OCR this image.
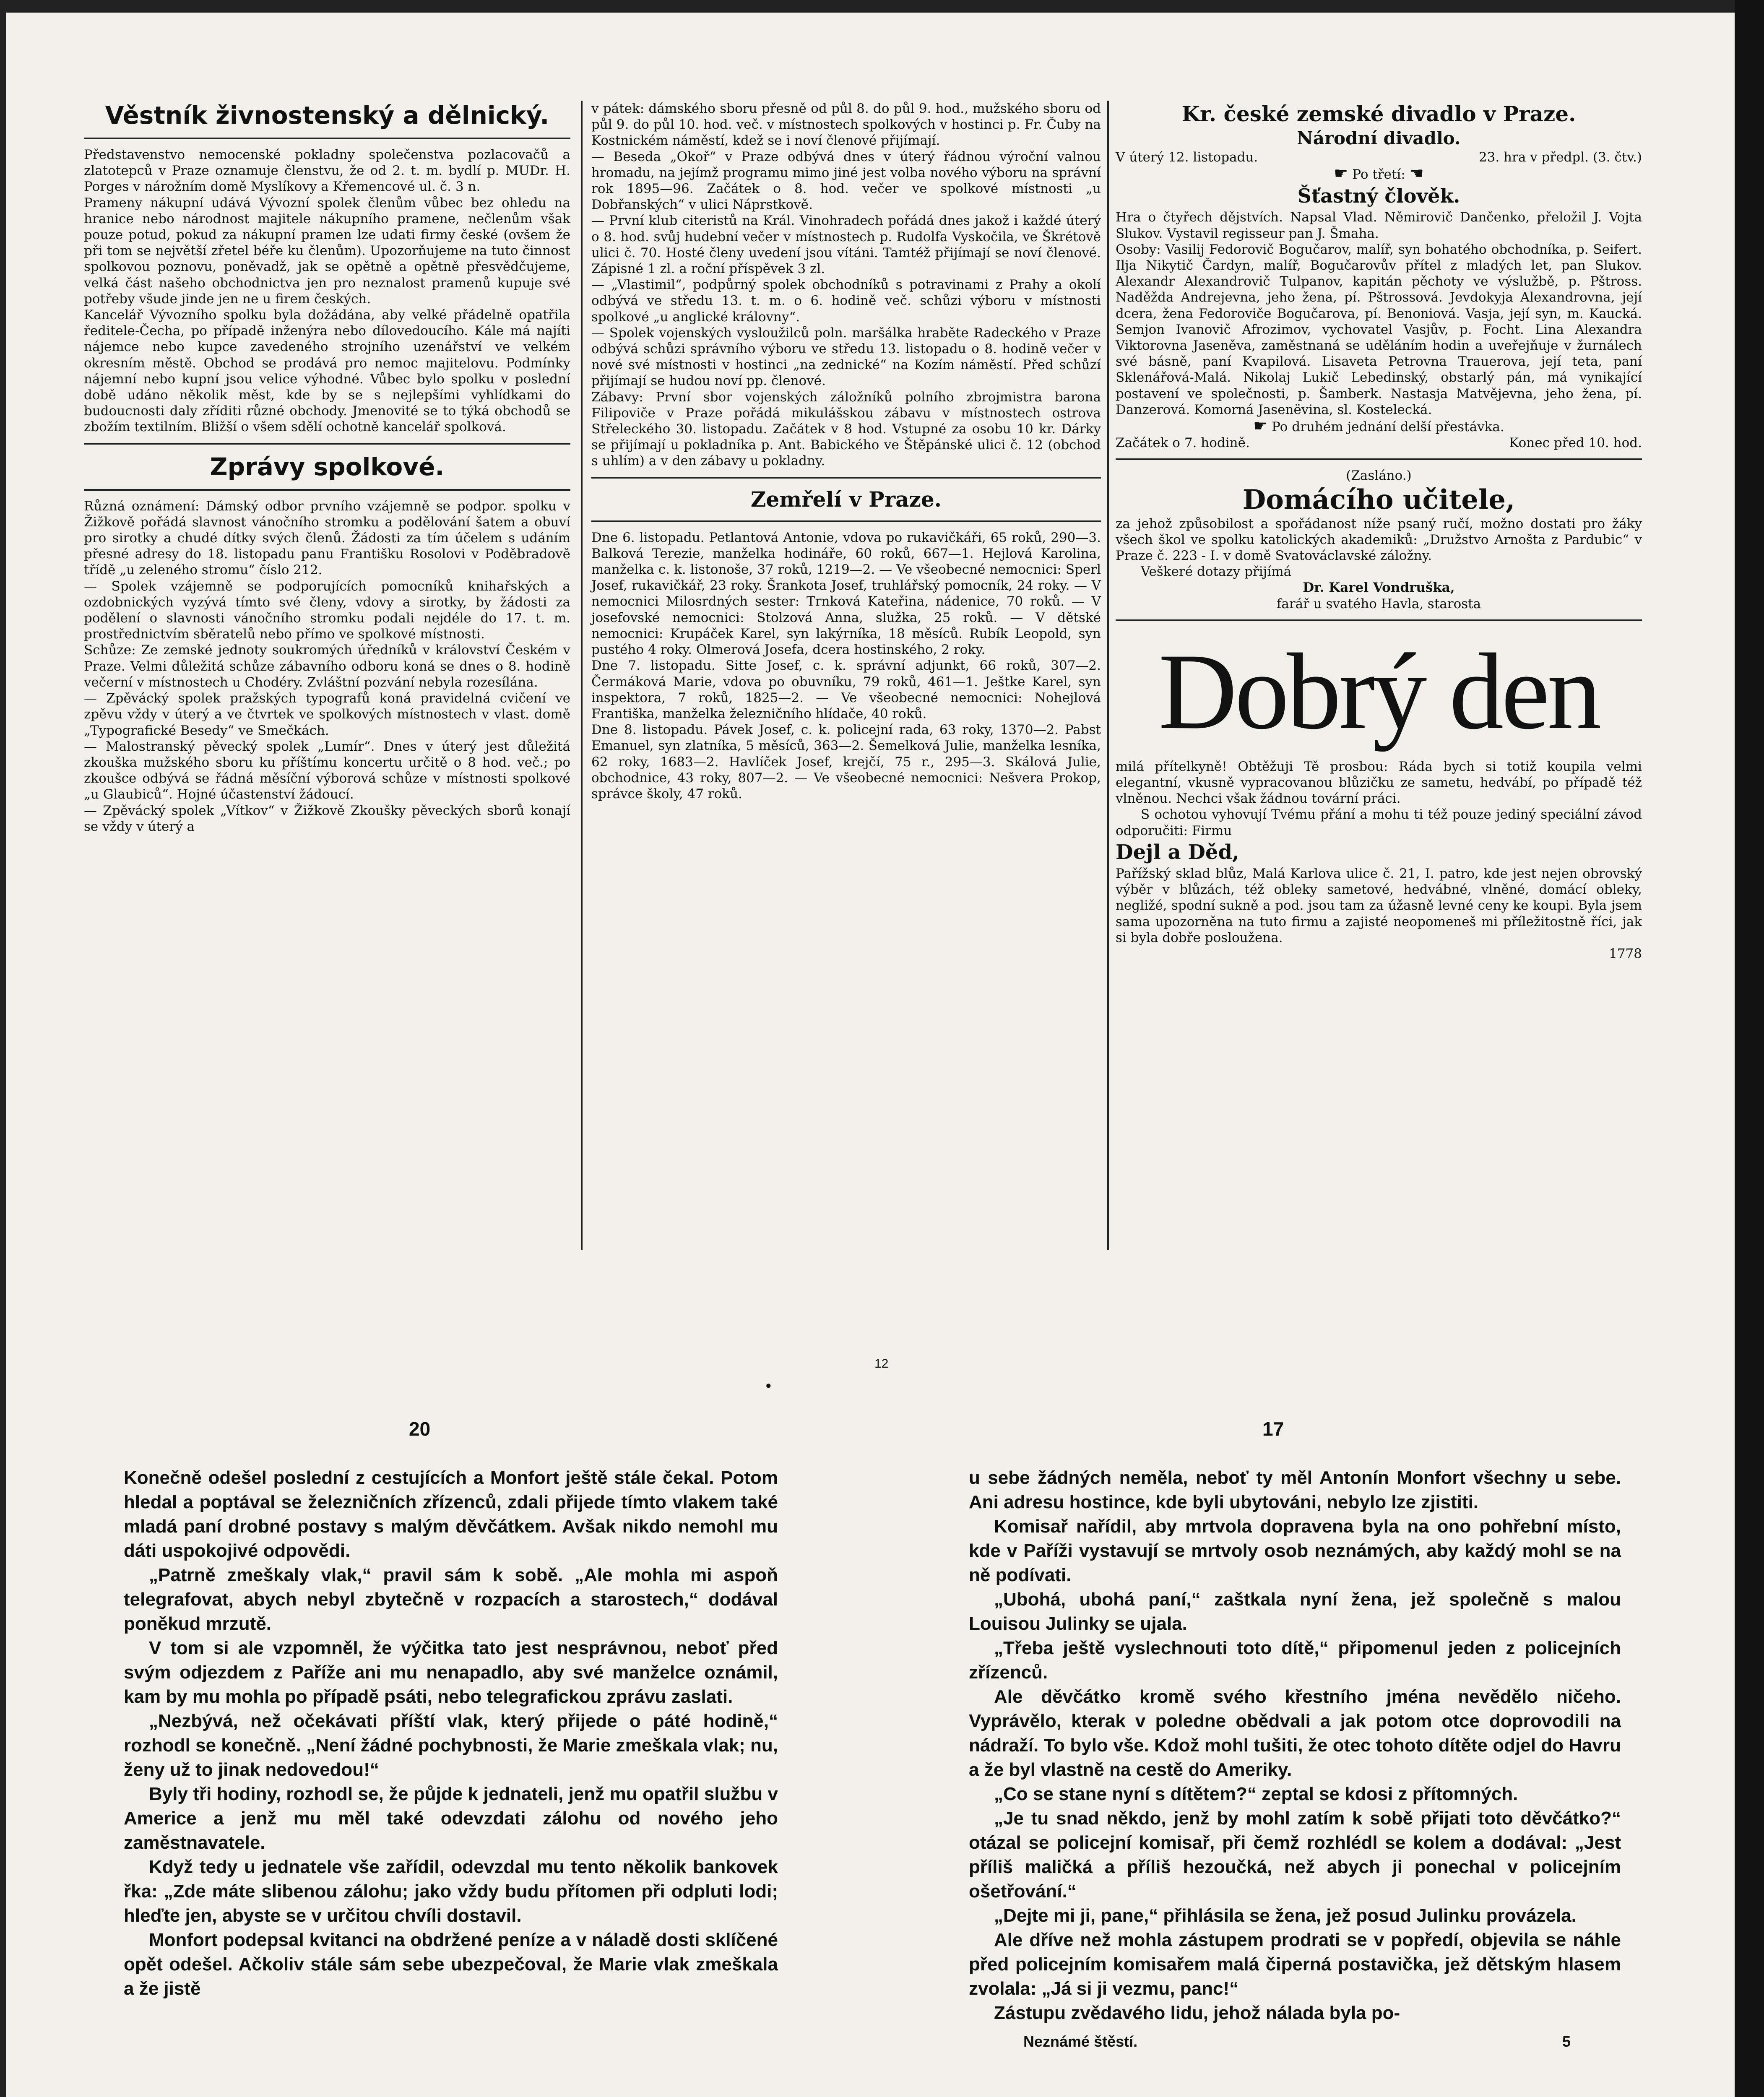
Věstník živnostenský a dělnický.

Představenstvo nemocenské pokladny společenstva pozlacovačů a zlatotepců v Praze oznamuje členstvu, že od 2. t. m. bydlí p. MUDr. H. Porges v nárožním domě Myslíkovy a Křemencové ul. č. 3 n.

Prameny nákupní udává Vývozní spolek členům vůbec bez ohledu na hranice nebo národnost majitele nákupního pramene, nečlenům však pouze potud, pokud za nákupní pramen lze udati firmy české (ovšem že při tom se největší zřetel béře ku členům). Upozorňujeme na tuto činnost spolkovou poznovu, poněvadž, jak se opětně a opětně přesvědčujeme, velká část našeho obchodnictva jen pro neznalost pramenů kupuje své potřeby všude jinde jen ne u firem českých.

Kancelář Vývozního spolku byla dožádána, aby velké přádelně opatřila ředitele-Čecha, po případě inženýra nebo dílovedoucího. Kále má najíti nájemce nebo kupce zavedeného strojního uzenářství ve velkém okresním městě. Obchod se prodává pro nemoc majitelovu. Podmínky nájemní nebo kupní jsou velice výhodné. Vůbec bylo spolku v poslední době udáno několik měst, kde by se s nejlepšími vyhlídkami do budoucnosti daly zříditi různé obchody. Jmenovité se to týká obchodů se zbožím textilním. Bližší o všem sdělí ochotně kancelář spolková.

Zprávy spolkové.

Různá oznámení: Dámský odbor prvního vzájemně se podpor. spolku v Žižkově pořádá slavnost vánočního stromku a podělování šatem a obuví pro sirotky a chudé dítky svých členů. Žádosti za tím účelem s udáním přesné adresy do 18. listopadu panu Františku Rosolovi v Poděbradově třídě „u zeleného stromu“ číslo 212.

— Spolek vzájemně se podporujících pomocníků knihařských a ozdobnických vyzývá tímto své členy, vdovy a sirotky, by žádosti za podělení o slavnosti vánočního stromku podali nejdéle do 17. t. m. prostřednictvím sběratelů nebo přímo ve spolkové místnosti.

Schůze: Ze zemské jednoty soukromých úředníků v království Českém v Praze. Velmi důležitá schůze zábavního odboru koná se dnes o 8. hodině večerní v místnostech u Chodéry. Zvláštní pozvání nebyla rozesílána.

— Zpěvácký spolek pražských typografů koná pravidelná cvičení ve zpěvu vždy v úterý a ve čtvrtek ve spolkových místnostech v vlast. domě „Typografické Besedy“ ve Smečkách.

— Malostranský pěvecký spolek „Lumír“. Dnes v úterý jest důležitá zkouška mužského sboru ku příštímu koncertu určitě o 8 hod. več.; po zkoušce odbývá se řádná měsíční výborová schůze v místnosti spolkové „u Glaubiců“. Hojné účastenství žádoucí.

— Zpěvácký spolek „Vítkov“ v Žižkově Zkoušky pěveckých sborů konají se vždy v úterý a

v pátek: dámského sboru přesně od půl 8. do půl 9. hod., mužského sboru od půl 9. do půl 10. hod. več. v místnostech spolkových v hostinci p. Fr. Čuby na Kostnickém náměstí, kdež se i noví členové přijímají.

— Beseda „Okoř“ v Praze odbývá dnes v úterý řádnou výroční valnou hromadu, na jejímž programu mimo jiné jest volba nového výboru na správní rok 1895—96. Začátek o 8. hod. večer ve spolkové místnosti „u Dobřanských“ v ulici Náprstkově.

— První klub citeristů na Král. Vinohradech pořádá dnes jakož i každé úterý o 8. hod. svůj hudební večer v místnostech p. Rudolfa Vyskočila, ve Škrétově ulici č. 70. Hosté členy uvedení jsou vítáni. Tamtéž přijímají se noví členové. Zápisné 1 zl. a roční příspěvek 3 zl.

— „Vlastimil“, podpůrný spolek obchodníků s potravinami z Prahy a okolí odbývá ve středu 13. t. m. o 6. hodině več. schůzi výboru v místnosti spolkové „u anglické královny“.

— Spolek vojenských vysloužilců poln. maršálka hraběte Radeckého v Praze odbývá schůzi správního výboru ve středu 13. listopadu o 8. hodině večer v nové své místnosti v hostinci „na zednické“ na Kozím náměstí. Před schůzí přijímají se hudou noví pp. členové.

Zábavy: První sbor vojenských záložníků polního zbrojmistra barona Filipoviče v Praze pořádá mikulášskou zábavu v místnostech ostrova Střeleckého 30. listopadu. Začátek v 8 hod. Vstupné za osobu 10 kr. Dárky se přijímají u pokladníka p. Ant. Babického ve Štěpánské ulici č. 12 (obchod s uhlím) a v den zábavy u pokladny.

Zemřelí v Praze.

Dne 6. listopadu. Petlantová Antonie, vdova po rukavičkáři, 65 roků, 290—3. Balková Terezie, manželka hodináře, 60 roků, 667—1. Hejlová Karolina, manželka c. k. listonoše, 37 roků, 1219—2. — Ve všeobecné nemocnici: Sperl Josef, rukavičkář, 23 roky. Šrankota Josef, truhlářský pomocník, 24 roky. — V nemocnici Milosrdných sester: Trnková Kateřina, nádenice, 70 roků. — V josefovské nemocnici: Stolzová Anna, služka, 25 roků. — V dětské nemocnici: Krupáček Karel, syn lakýrníka, 18 měsíců. Rubík Leopold, syn pustého 4 roky. Olmerová Josefa, dcera hostinského, 2 roky.

Dne 7. listopadu. Sitte Josef, c. k. správní adjunkt, 66 roků, 307—2. Čermáková Marie, vdova po obuvníku, 79 roků, 461—1. Ještke Karel, syn inspektora, 7 roků, 1825—2. — Ve všeobecné nemocnici: Nohejlová Františka, manželka železničního hlídače, 40 roků.

Dne 8. listopadu. Pávek Josef, c. k. policejní rada, 63 roky, 1370—2. Pabst Emanuel, syn zlatníka, 5 měsíců, 363—2. Šemelková Julie, manželka lesníka, 62 roky, 1683—2. Havlíček Josef, krejčí, 75 r., 295—3. Skálová Julie, obchodnice, 43 roky, 807—2. — Ve všeobecné nemocnici: Nešvera Prokop, správce školy, 47 roků.

Kr. české zemské divadlo v Praze.
Národní divadlo.
V úterý 12. listopadu.	23. hra v předpl. (3. čtv.)
☛ Po třetí: ☚
Šťastný člověk.

Hra o čtyřech dějstvích. Napsal Vlad. Němirovič Dančenko, přeložil J. Vojta Slukov. Vystavil regisseur pan J. Šmaha.

Osoby: Vasilij Fedorovič Bogučarov, malíř, syn bohatého obchodníka, p. Seifert. Ilja Nikytič Čardyn, malíř, Bogučarovův přítel z mladých let, pan Slukov. Alexandr Alexandrovič Tulpanov, kapitán pěchoty ve výslužbě, p. Pštross. Naděžda Andrejevna, jeho žena, pí. Pštrossová. Jevdokyja Alexandrovna, její dcera, žena Fedorovičе Bogučarova, pí. Benoniová. Vasja, její syn, m. Kaucká. Semjon Ivanovič Afrozimov, vychovatel Vasjův, p. Focht. Lina Alexandra Viktorovna Jaseněva, zaměstnaná se uděláním hodin a uveřejňuje v žurnálech své básně, paní Kvapilová. Lisaveta Petrovna Trauerova, její teta, paní Sklenářová-Malá. Nikolaj Lukič Lebedinský, obstarlý pán, má vynikající postavení ve společnosti, p. Šamberk. Nastasja Matvějevna, jeho žena, pí. Danzerová. Komorná Jasenёvina, sl. Kostelecká.

☛ Po druhém jednání delší přestávka.
Začátek o 7. hodině.	Konec před 10. hod.
(Zasláno.)
Domácího učitele,

za jehož způsobilost a spořádanost níže psaný ručí, možno dostati pro žáky všech škol ve spolku katolických akademiků: „Družstvo Arnošta z Pardubic“ v Praze č. 223 - I. v domě Svatováclavské záložny.

Veškeré dotazy přijímá

Dr. Karel Vondruška,
farář u svatého Havla, starosta
Dobrý den

milá přítelkyně! Obtěžuji Tě prosbou: Ráda bych si totiž koupila velmi elegantní, vkusně vypracovanou blůzičku ze sametu, hedvábí, po případě též vlněnou. Nechci však žádnou tovární práci.

S ochotou vyhovují Tvému přání a mohu ti též pouze jediný speciální závod odporučiti: Firmu

Dejl a Děd,

Pařížský sklad blůz, Malá Karlova ulice č. 21, I. patro, kde jest nejen obrovský výběr v blůzách, též obleky sametové, hedvábné, vlněné, domácí obleky, negližé, spodní sukně a pod. jsou tam za úžasně levné ceny ke koupi. Byla jsem sama upozorněna na tuto firmu a zajisté neopomeneš mi příležitostně říci, jak si byla dobře posloužena.

1778
12
●
20	17

Konečně odešel poslední z cestujících a Monfort ještě stále čekal. Potom hledal a poptával se železničních zřízenců, zdali přijede tímto vlakem také mladá paní drobné postavy s malým děvčátkem. Avšak nikdo nemohl mu dáti uspokojivé odpovědi.

„Patrně zmeškaly vlak,“ pravil sám k sobě. „Ale mohla mi aspoň telegrafovat, abych nebyl zbytečně v rozpacích a starostech,“ dodával poněkud mrzutě.

V tom si ale vzpomněl, že výčitka tato jest nesprávnou, neboť před svým odjezdem z Paříže ani mu nenapadlo, aby své manželce oznámil, kam by mu mohla po případě psáti, nebo telegrafickou zprávu zaslati.

„Nezbývá, než očekávati příští vlak, který přijede o páté hodině,“ rozhodl se konečně. „Není žádné pochybnosti, že Marie zmeškala vlak; nu, ženy už to jinak nedovedou!“

Byly tři hodiny, rozhodl se, že půjde k jednateli, jenž mu opatřil službu v Americe a jenž mu měl také odevzdati zálohu od nového jeho zaměstnavatele.

Když tedy u jednatele vše zařídil, odevzdal mu tento několik bankovek řka: „Zde máte slibenou zálohu; jako vždy budu přítomen při odpluti lodi; hleďte jen, abyste se v určitou chvíli dostavil.

Monfort podepsal kvitanci na obdržené peníze a v náladě dosti sklíčené opět odešel. Ačkoliv stále sám sebe ubezpečoval, že Marie vlak zmeškala a že jistě

u sebe žádných neměla, neboť ty měl Antonín Monfort všechny u sebe. Ani adresu hostince, kde byli ubytováni, nebylo lze zjistiti.

Komisař nařídil, aby mrtvola dopravena byla na ono pohřební místo, kde v Paříži vystavují se mrtvoly osob neznámých, aby každý mohl se na ně podívati.

„Ubohá, ubohá paní,“ zaštkala nyní žena, jež společně s malou Louisou Julinky se ujala.

„Třeba ještě vyslechnouti toto dítě,“ připomenul jeden z policejních zřízenců.

Ale děvčátko kromě svého křestního jména nevědělo ničeho. Vyprávělo, kterak v poledne obědvali a jak potom otce doprovodili na nádraží. To bylo vše. Kdož mohl tušiti, že otec tohoto dítěte odjel do Havru a že byl vlastně na cestě do Ameriky.

„Co se stane nyní s dítětem?“ zeptal se kdosi z přítomných.

„Je tu snad někdo, jenž by mohl zatím k sobě přijati toto děvčátko?“ otázal se policejní komisař, při čemž rozhlédl se kolem a dodával: „Jest příliš maličká a příliš hezoučká, než abych ji ponechal v policejním ošetřování.“

„Dejte mi ji, pane,“ přihlásila se žena, jež posud Julinku provázela.

Ale dříve než mohla zástupem prodrati se v popředí, objevila se náhle před policejním komisařem malá čiperná postavička, jež dětským hlasem zvolala: „Já si ji vezmu, panc!“

Zástupu zvědavého lidu, jehož nálada byla po-

Neznámé štěstí.	5
